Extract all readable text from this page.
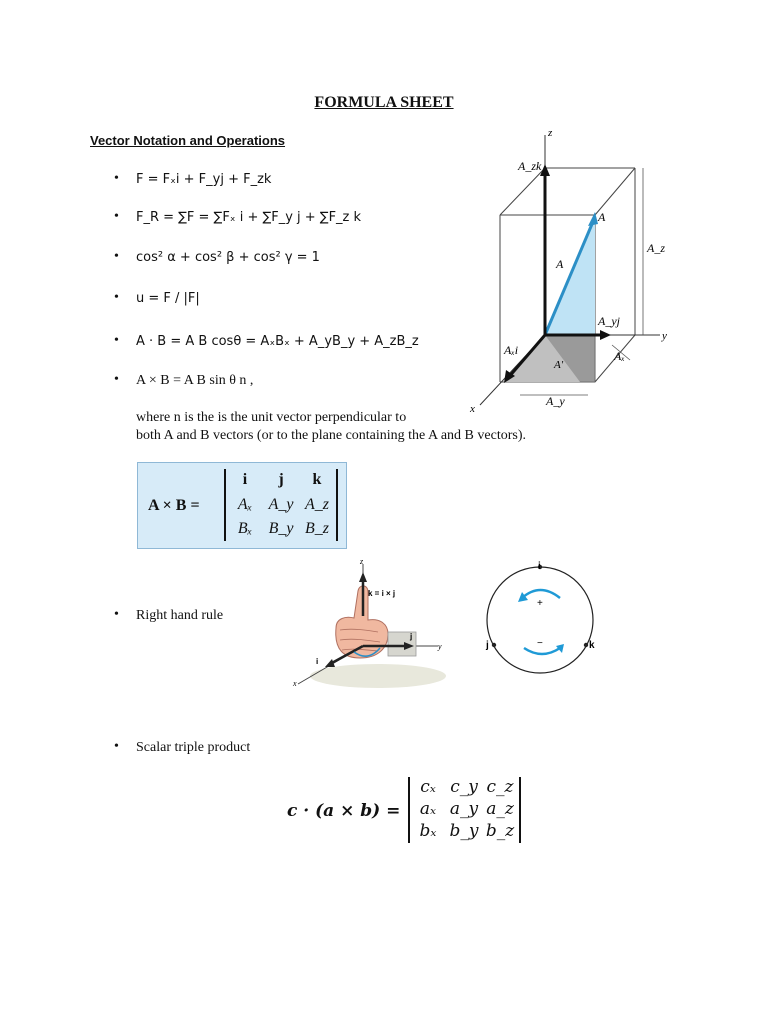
FORMULA SHEET
Vector Notation and Operations
• F = Fₓi + F_yj + F_zk
• F_R = ∑F = ∑Fₓ i + ∑F_y j + ∑F_z k
• cos² α + cos² β + cos² γ = 1
• u = F / |F|
• A · B = A B cosθ = AₓBₓ + A_yB_y + A_zB_z
• A × B = A B sin θ n ,
where n is the is the unit vector perpendicular to
both A and B vectors (or to the plane containing the A and B vectors).
A × B =
i	j	k
Aₓ	A_y A_z
Bₓ	B_y B_z
z
y
x
A
A
A′
A_zk
A_yj
Aₓi
A_z
Aₓ
A_y
• Right hand rule
z
k = i × j
j
i
y
x
i
j	k
+
−
• Scalar triple product
c · (a × b) =
cₓ c_y c_z
aₓ a_y a_z
bₓ b_y b_z
